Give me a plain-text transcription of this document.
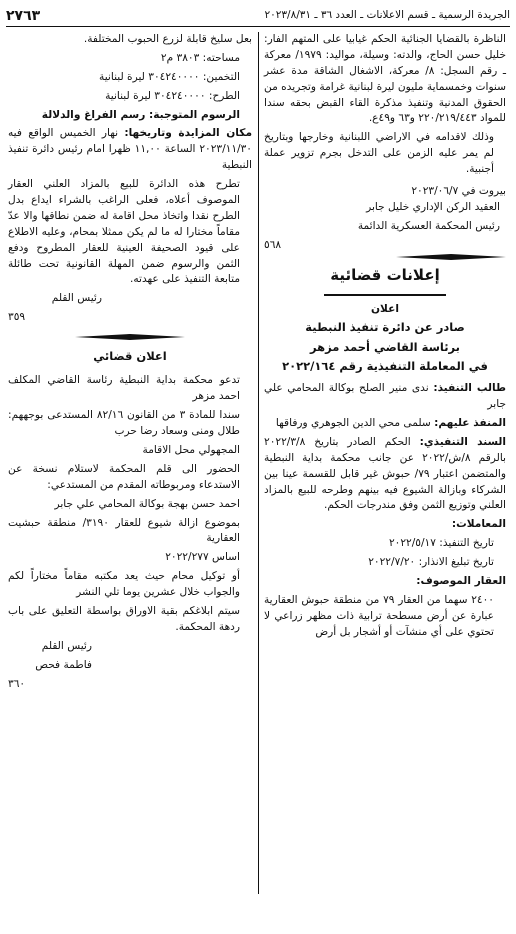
الجريدة الرسمية ـ قسم الاعلانات ـ العدد ٣٦ ـ ٢٠٢٣/٨/٣١
٢٧٦٣

الناظرة بالقضايا الجنائية الحكم غيابيا على المتهم الفار: خليل حسن الحاج، والدته: وسيلة، مواليد: ١٩٧٩/ معركة ـ رقم السجل: ٨/ معركة، الاشغال الشاقة مدة عشر سنوات وخمسماية مليون ليرة لبنانية غرامة وتجريده من الحقوق المدنية وتنفيذ مذكرة القاء القبض بحقه سندا للمواد ٢٢٠/٢١٩/٤٤٣ و٦٣ و٤٩ع.

وذلك لاقدامه في الاراضي اللبنانية وخارجها وبتاريخ لم يمر عليه الزمن على التدخل بجرم تزوير عملة أجنبية.

بيروت في ٢٠٢٣/٠٦/٧

العقيد الركن الإداري خليل جابر

رئيس المحكمة العسكرية الدائمة

٥٦٨

إعلانات قضائية

اعلان

صادر عن دائرة تنفيذ النبطية

برئاسة القاضي أحمد مزهر

في المعاملة التنفيذية رقم ٢٠٢٢/١٦٤

طالب التنفيذ: ندى منير الصلح بوكالة المحامي علي جابر

المنفذ عليهم: سلمى محي الدين الجوهري ورفاقها

السند التنفيذي: الحكم الصادر بتاريخ ٢٠٢٢/٣/٨ بالرقم ٨/ش/٢٠٢٢ عن جانب محكمة بداية النبطية والمتضمن اعتبار ٧٩/ حبوش غير قابل للقسمة عينا بين الشركاء وبازالة الشيوع فيه بينهم وطرحه للبيع بالمزاد العلني وتوزيع الثمن وفق مندرجات الحكم.

المعاملات:

تاريخ التنفيذ: ٢٠٢٢/٥/١٧

تاريخ تبليغ الانذار: ٢٠٢٢/٧/٢٠

العقار الموصوف:

٢٤٠٠ سهما من العقار ٧٩ من منطقة حبوش العقارية عبارة عن أرض مسطحة ترابية ذات مظهر زراعي لا تحتوي على أي منشآت أو أشجار بل أرض

بعل سليخ قابلة لزرع الحبوب المختلفة.

مساحته: ٣٨٠٣ م٢

التخمين: ٣٠٤٢٤٠٠٠٠ ليرة لبنانية

الطرح: ٣٠٤٢٤٠٠٠٠ ليرة لبنانية

الرسوم المتوجبة: رسم الفراغ والدلالة

مكان المزايدة وتاريخها: نهار الخميس الواقع فيه ٢٠٢٣/١١/٣٠ الساعة ١١,٠٠ ظهرا امام رئيس دائرة تنفيذ النبطية

تطرح هذه الدائرة للبيع بالمزاد العلني العقار الموصوف أعلاه، فعلى الراغب بالشراء ايداع بدل الطرح نقدا واتخاذ محل اقامة له ضمن نطاقها والا عدّ مقاماً مختارا له ما لم يكن ممثلا بمحام، وعليه الاطلاع على قيود الصحيفة العينية للعقار المطروح ودفع الثمن والرسوم ضمن المهلة القانونية تحت طائلة متابعة التنفيذ على عهدته.

رئيس القلم

٣٥٩

اعلان قضائي

تدعو محكمة بداية النبطية رئاسة القاضي المكلف احمد مزهر

سندا للمادة ٣ من القانون ٨٢/١٦ المستدعى بوجههم: طلال ومنى وسعاد رضا حرب

المجهولي محل الاقامة

الحضور الى قلم المحكمة لاستلام نسخة عن الاستدعاء ومربوطاته المقدم من المستدعي:

احمد حسن بهجة بوكالة المحامي علي جابر

بموضوع ازالة شيوع للعقار ٣١٩٠/ منطقة حبشيت العقارية

اساس ٢٠٢٢/٢٧٧

أو توكيل محام حيث يعد مكتبه مقاماً مختاراً لكم والجواب خلال عشرين يوما تلي النشر

سيتم ابلاغكم بقية الاوراق بواسطة التعليق على باب ردهة المحكمة.

رئيس القلم

فاطمة فحص

٣٦٠
